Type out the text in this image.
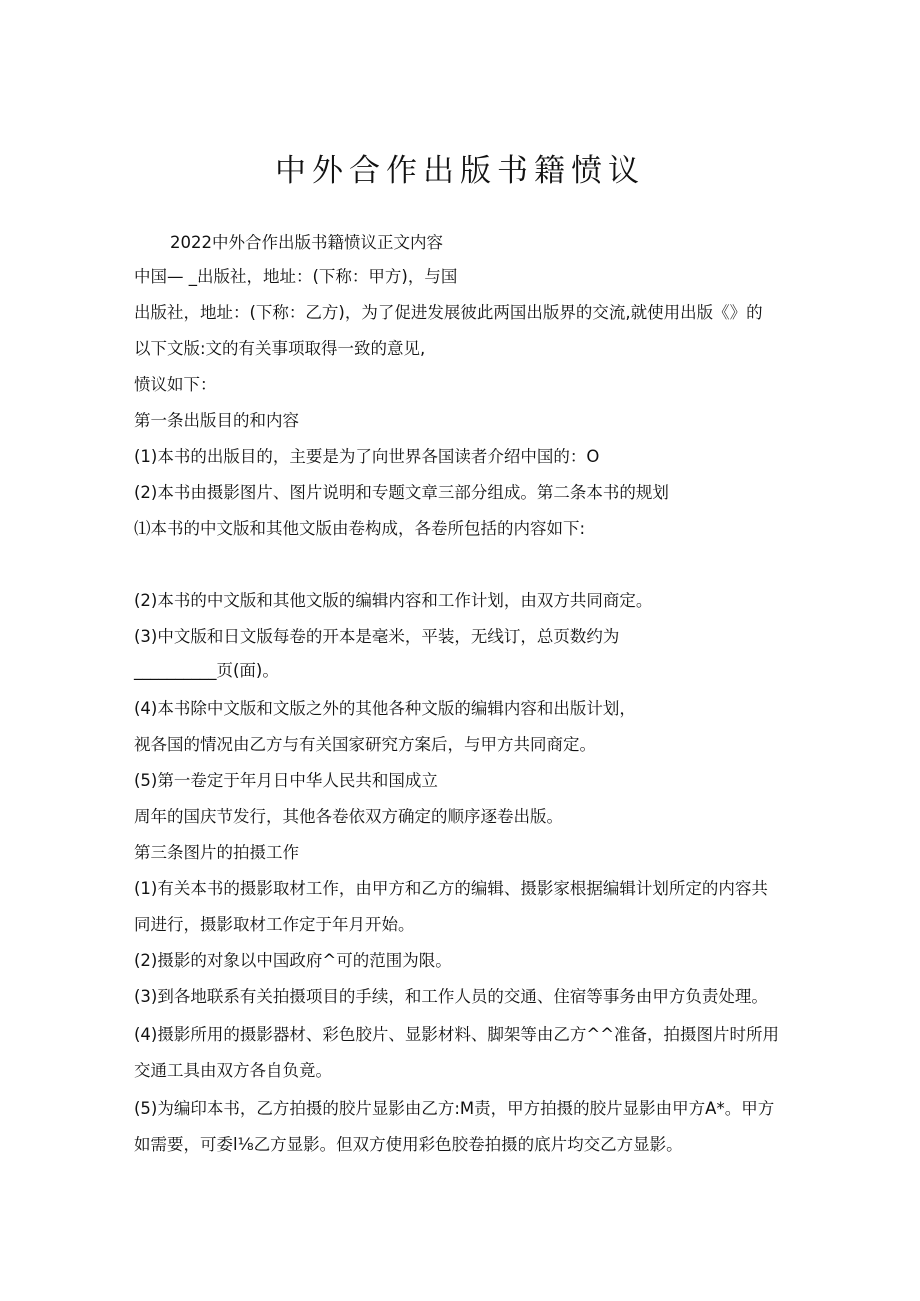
中外合作出版书籍愤议

2022中外合作出版书籍愤议正文内容

中国— _出版社，地址：(下称：甲方)，与国

出版社，地址：(下称：乙方)，为了促进发展彼此两国出版界的交流,就使用出版《》的

以下文版:文的有关事项取得一致的意见,

愤议如下：

第一条出版目的和内容

(1)本书的出版目的，主要是为了向世界各国读者介绍中国的：O

(2)本书由摄影图片、图片说明和专题文章三部分组成。第二条本书的规划

⑴本书的中文版和其他文版由卷构成，各卷所包括的内容如下:

(2)本书的中文版和其他文版的编辑内容和工作计划，由双方共同商定。

(3)中文版和日文版每卷的开本是毫米，平装，无线订，总页数约为

__________页(面)。

(4)本书除中文版和文版之外的其他各种文版的编辑内容和出版计划，

视各国的情况由乙方与有关国家研究方案后，与甲方共同商定。

(5)第一卷定于年月日中华人民共和国成立

周年的国庆节发行，其他各卷依双方确定的顺序逐卷出版。

第三条图片的拍摄工作

(1)有关本书的摄影取材工作，由甲方和乙方的编辑、摄影家根据编辑计划所定的内容共

同进行，摄影取材工作定于年月开始。

(2)摄影的对象以中国政府^可的范围为限。

(3)到各地联系有关拍摄项目的手续，和工作人员的交通、住宿等事务由甲方负责处理。

(4)摄影所用的摄影器材、彩色胶片、显影材料、脚架等由乙方^^准备，拍摄图片时所用

交通工具由双方各自负竟。

(5)为编印本书，乙方拍摄的胶片显影由乙方:M责，甲方拍摄的胶片显影由甲方A*。甲方

如需要，可委l⅛乙方显影。但双方使用彩色胶卷拍摄的底片均交乙方显影。
